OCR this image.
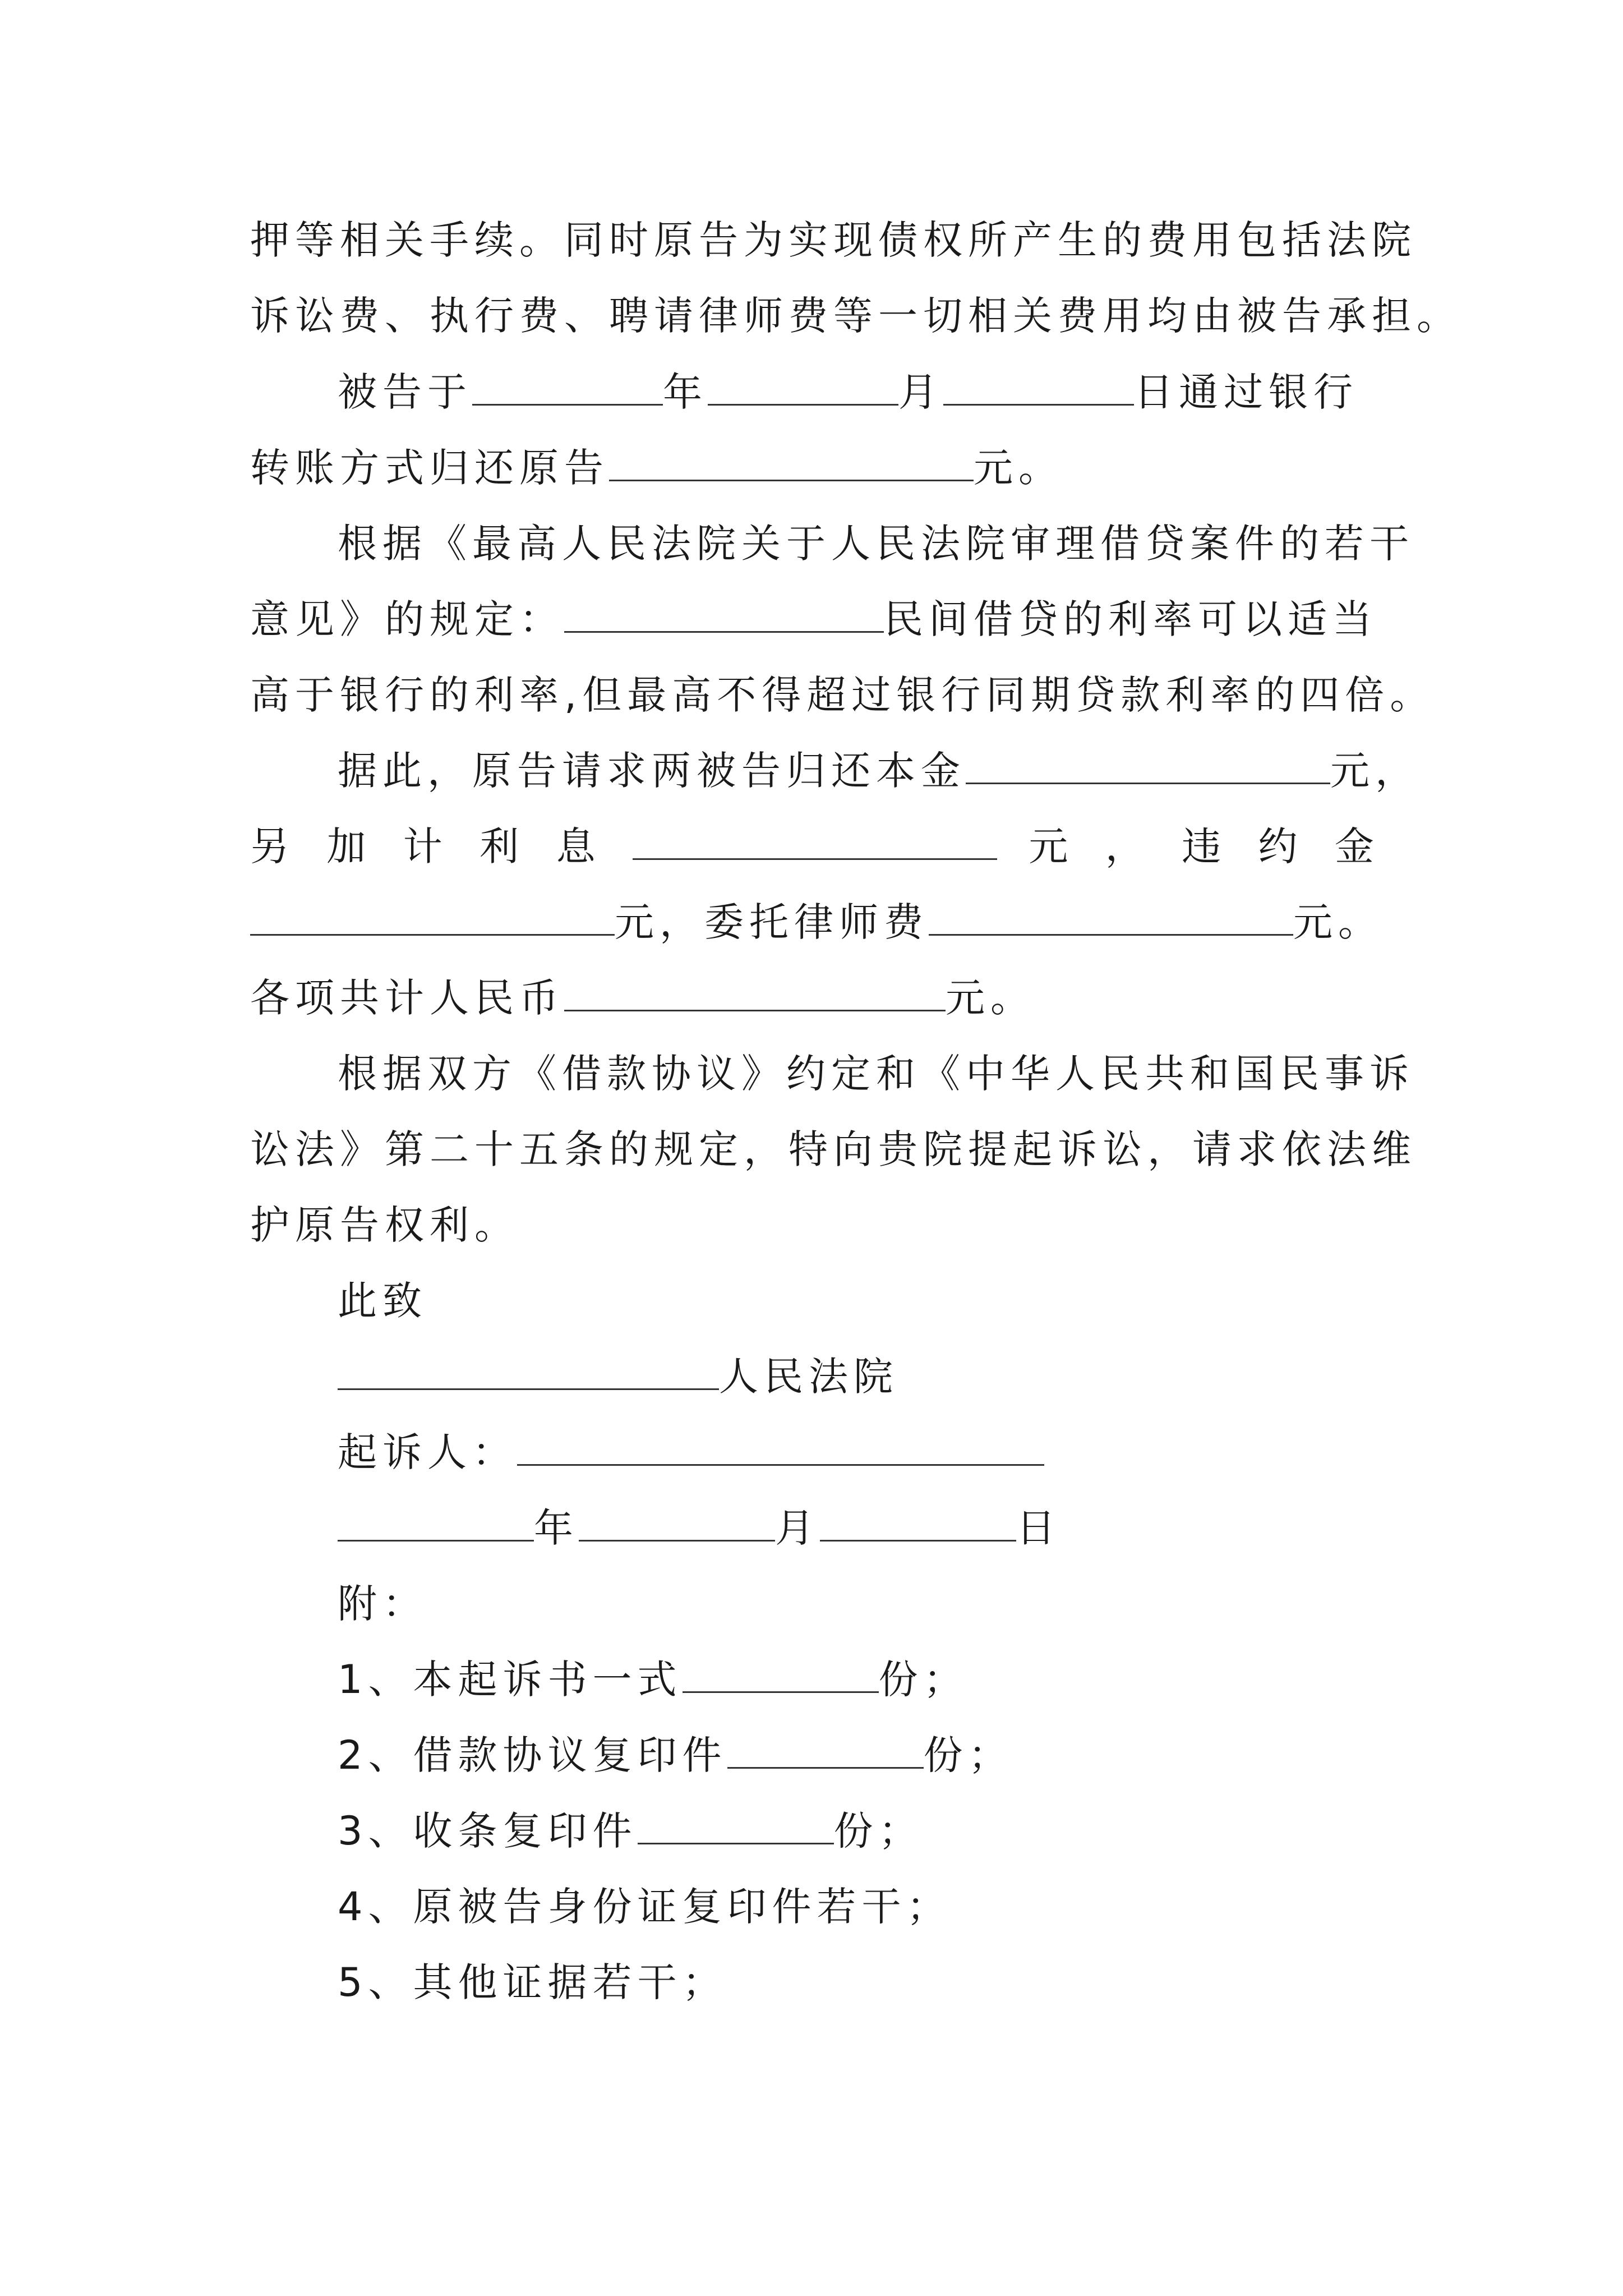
押等相关手续。同时原告为实现债权所产生的费用包括法院
诉讼费、执行费、聘请律师费等一切相关费用均由被告承担。
被告于	年	月	日通过银行
转账方式归还原告	元。
根据《最高人民法院关于人民法院审理借贷案件的若干
意见》的规定：	民间借贷的利率可以适当
高于银行的利率,但最高不得超过银行同期贷款利率的四倍。
据此，原告请求两被告归还本金	元，
另 加 计 利 息	元 ， 违 约 金
元，委托律师费	元。
各项共计人民币	元。
根据双方《借款协议》约定和《中华人民共和国民事诉
讼法》第二十五条的规定，特向贵院提起诉讼，请求依法维
护原告权利。
此致
人民法院
起诉人：
年	月	日
附：
1、本起诉书一式	份；
2、借款协议复印件	份；
3、收条复印件	份；
4、原被告身份证复印件若干；
5、其他证据若干；
